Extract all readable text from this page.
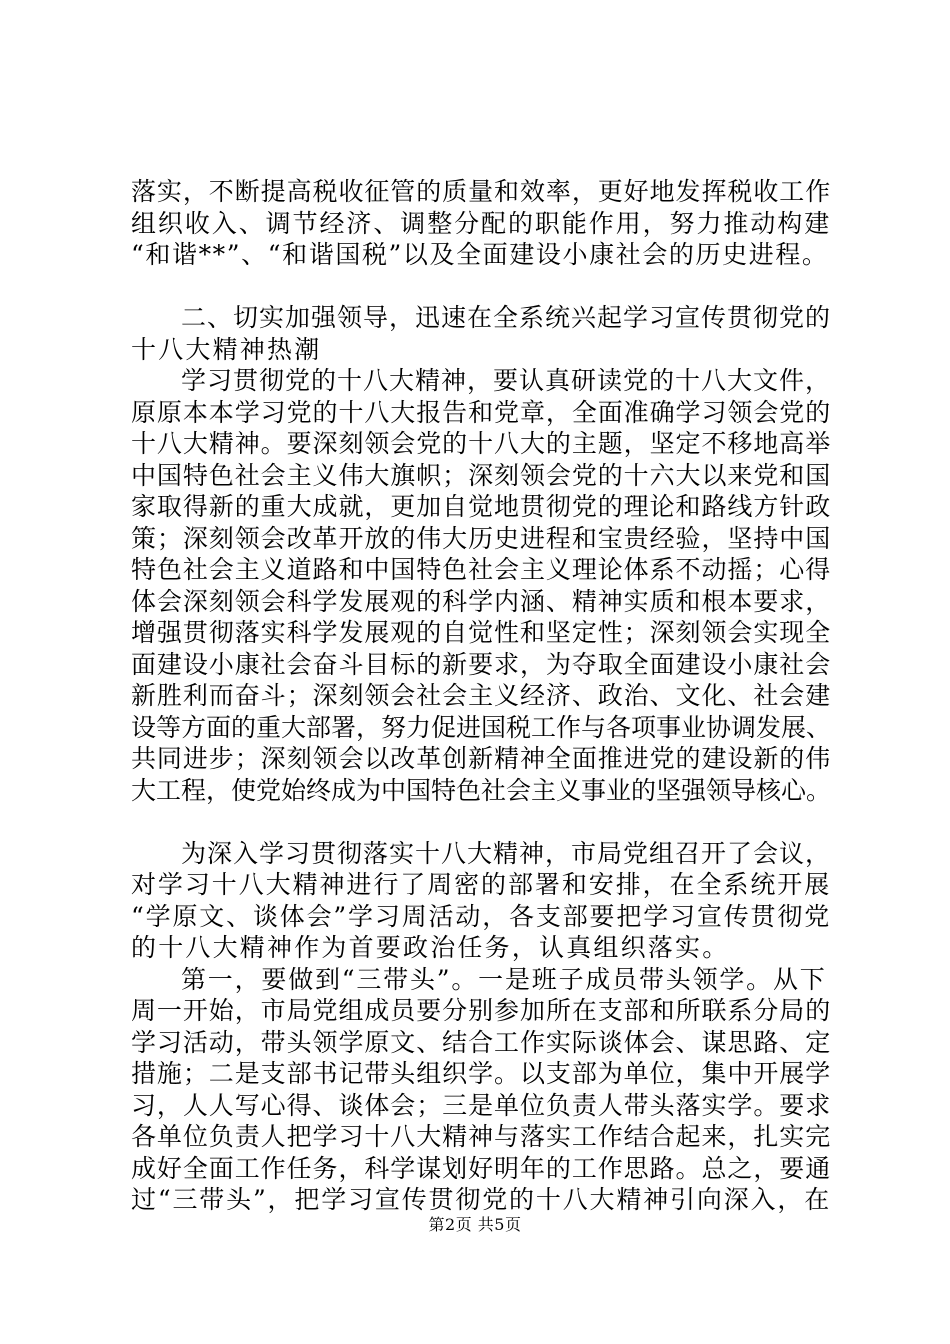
落实，不断提高税收征管的质量和效率，更好地发挥税收工作
组织收入、调节经济、调整分配的职能作用，努力推动构建
“和谐**”、“和谐国税”以及全面建设小康社会的历史进程。
二、切实加强领导，迅速在全系统兴起学习宣传贯彻党的
十八大精神热潮
学习贯彻党的十八大精神，要认真研读党的十八大文件，
原原本本学习党的十八大报告和党章，全面准确学习领会党的
十八大精神。要深刻领会党的十八大的主题，坚定不移地高举
中国特色社会主义伟大旗帜；深刻领会党的十六大以来党和国
家取得新的重大成就，更加自觉地贯彻党的理论和路线方针政
策；深刻领会改革开放的伟大历史进程和宝贵经验，坚持中国
特色社会主义道路和中国特色社会主义理论体系不动摇；心得
体会深刻领会科学发展观的科学内涵、精神实质和根本要求，
增强贯彻落实科学发展观的自觉性和坚定性；深刻领会实现全
面建设小康社会奋斗目标的新要求，为夺取全面建设小康社会
新胜利而奋斗；深刻领会社会主义经济、政治、文化、社会建
设等方面的重大部署，努力促进国税工作与各项事业协调发展、
共同进步；深刻领会以改革创新精神全面推进党的建设新的伟
大工程，使党始终成为中国特色社会主义事业的坚强领导核心。
为深入学习贯彻落实十八大精神，市局党组召开了会议，
对学习十八大精神进行了周密的部署和安排，在全系统开展
“学原文、谈体会”学习周活动，各支部要把学习宣传贯彻党
的十八大精神作为首要政治任务，认真组织落实。
第一，要做到“三带头”。一是班子成员带头领学。从下
周一开始，市局党组成员要分别参加所在支部和所联系分局的
学习活动，带头领学原文、结合工作实际谈体会、谋思路、定
措施；二是支部书记带头组织学。以支部为单位，集中开展学
习，人人写心得、谈体会；三是单位负责人带头落实学。要求
各单位负责人把学习十八大精神与落实工作结合起来，扎实完
成好全面工作任务，科学谋划好明年的工作思路。总之，要通
过“三带头”，把学习宣传贯彻党的十八大精神引向深入，在
第2页 共5页
